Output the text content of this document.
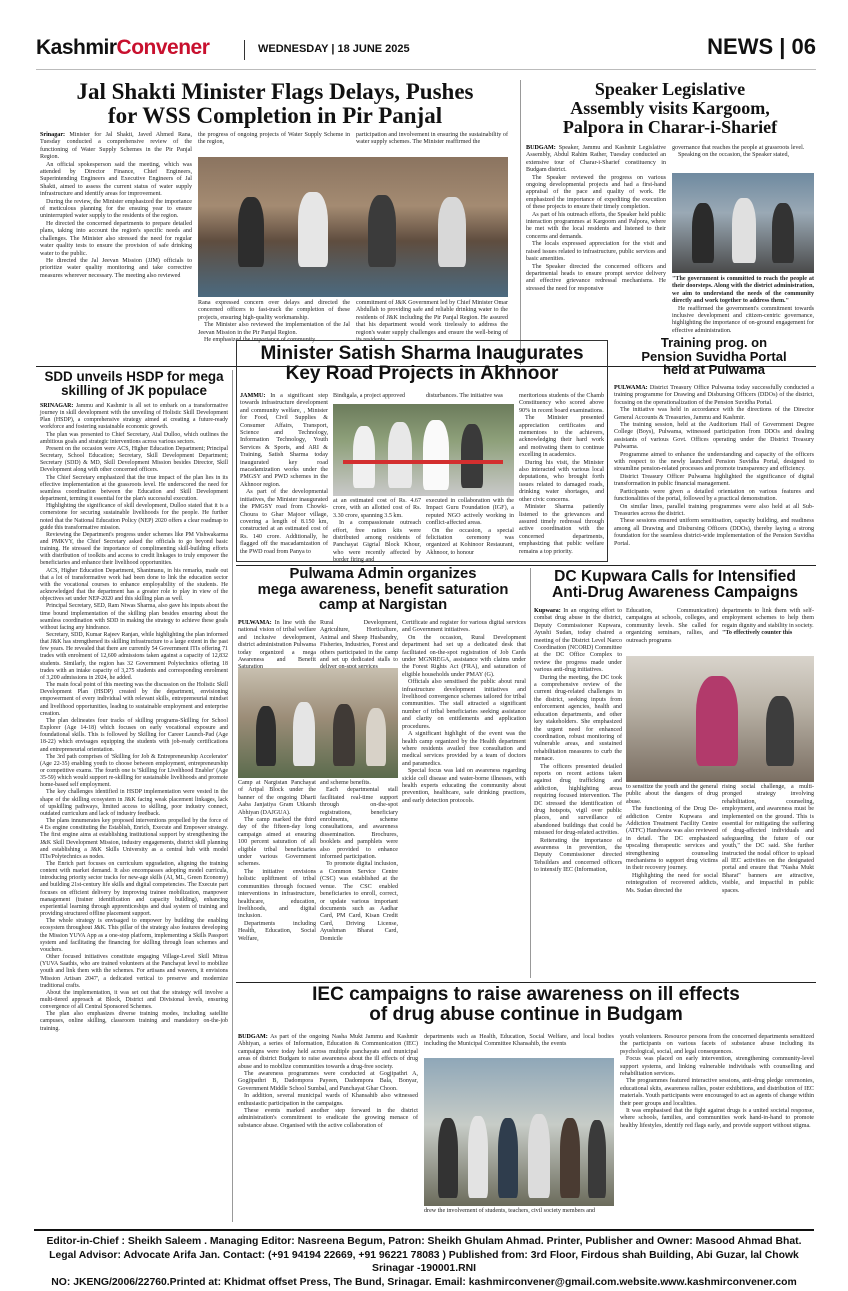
KashmirConvener	WEDNESDAY | 18 JUNE 2025	NEWS | 06
Jal Shakti Minister Flags Delays, Pushes
for WSS Completion in Pir Panjal

Srinagar: Minister for Jal Shakti, Javed Ahmed Rana, Tuesday conducted a comprehensive review of the functioning of Water Supply Schemes in the Pir Panjal Region.

An official spokesperson said the meeting, which was attended by Director Finance, Chief Engineers, Superintending Engineers and Executive Engineers of Jal Shakti, aimed to assess the current status of water supply infrastructure and identify areas for improvement.

During the review, the Minister emphasized the importance of meticulous planning for the ensuing year to ensure uninterrupted water supply to the residents of the region.

He directed the concerned departments to prepare detailed plans, taking into account the region's specific needs and challenges. The Minister also stressed the need for regular water quality tests to ensure the provision of safe drinking water to the public.

He directed the Jal Jeevan Mission (JJM) officials to prioritize water quality monitoring and take corrective measures wherever necessary. The meeting also reviewed

the progress of ongoing projects of Water Supply Scheme in the region,

participation and involvement in ensuring the sustainability of water supply schemes. The Minister reaffirmed the

Rana expressed concern over delays and directed the concerned officers to fast-track the completion of these projects, ensuring high-quality workmanship.

The Minister also reviewed the implementation of the Jal Jeevan Mission in the Pir Panjal Region.

He emphasized the importance of community

commitment of J&K Government led by Chief Minister Omar Abdullah to providing safe and reliable drinking water to the residents of J&K including the Pir Panjal Region. He assured that his department would work tirelessly to address the region's water supply challenges and ensure the well-being of its residents.

Speaker Legislative
Assembly visits Kargoom,
Palpora in Charar-i-Sharief

BUDGAM: Speaker, Jammu and Kashmir Legislative Assembly, Abdul Rahim Rather, Tuesday conducted an extensive tour of Charar-i-Sharief constituency in Budgam district.

The Speaker reviewed the progress on various ongoing developmental projects and had a first-hand appraisal of the pace and quality of work. He emphasized the importance of expediting the execution of these projects to ensure their timely completion.

As part of his outreach efforts, the Speaker held public interaction programmes at Kargoom and Palpora, where he met with the local residents and listened to their concerns and demands.

The locals expressed appreciation for the visit and raised issues related to infrastructure, public services and basic amenities.

The Speaker directed the concerned officers and departmental heads to ensure prompt service delivery and effective grievance redressal mechanisms. He stressed the need for responsive

governance that reaches the people at grassroots level.

Speaking on the occasion, the Speaker stated,

"The government is committed to reach the people at their doorsteps. Along with the district administration, we aim to understand the needs of the community directly and work together to address them."

He reaffirmed the government's commitment towards inclusive development and citizen-centric governance, highlighting the importance of on-ground engagement for effective administration.

SDD unveils HSDP for mega
skilling of JK populace

SRINAGAR: Jammu and Kashmir is all set to embark on a transformative journey in skill development with the unveiling of Holistic Skill Development Plan (HSDP), a comprehensive strategy aimed at creating a future-ready workforce and fostering sustainable economic growth.

The plan was presented to Chief Secretary, Atal Dulloo, which outlines the ambitious goals and strategic interventions across various sectors.

Present on the occasion were ACS, Higher Education Department; Principal Secretary, School Education; Secretary, Skill Development Department; Secretary (SDD) & MD, Skill Development Mission besides Director, Skill Development along with other concerned officers.

The Chief Secretary emphasized that the true impact of the plan lies in its effective implementation at the grassroots level. He underscored the need for seamless coordination between the Education and Skill Development department, terming it essential for the plan's successful execution.

Highlighting the significance of skill development, Dulloo stated that it is a cornerstone for securing sustainable livelihoods for the people. He further noted that the National Education Policy (NEP) 2020 offers a clear roadmap to guide this transformative mission.

Reviewing the Department's progress under schemes like PM Vishwakarma and PMKVY, the Chief Secretary asked the officials to go beyond basic training. He stressed the importance of complimenting skill-building efforts with distribution of toolkits and access to credit linkages to truly empower the beneficiaries and enhance their livelihood opportunities.

ACS, Higher Education Department, Shantmanu, in his remarks, made out that a lot of transformative work had been done to link the education sector with the vocational courses to enhance employability of the students. He acknowledged that the department has a greater role to play in view of the objectives set under NEP-2020 and this skilling plan as well.

Principal Secretary, SED, Ram Niwas Sharma, also gave his inputs about the time bound implementation of the skilling plan besides ensuring about the seamless coordination with SDD in making the strategy to achieve these goals without facing any hindrance.

Secretary, SDD, Kumar Rajeev Ranjan, while highlighting the plan informed that J&K has strengthened its skilling infrastructure to a large extent in the past few years. He revealed that there are currently 54 Government ITIs offering 71 trades with enrolment of 12,600 admissions taken against a capacity of 12,832 students. Similarly, the region has 32 Government Polytechnics offering 18 trades with an intake capacity of 3,275 students and corresponding enrolment of 3,200 admissions in 2024, he added.

The main focal point of this meeting was the discussion on the Holistic Skill Development Plan (HSDP) created by the department, envisioning empowerment of every individual with relevant skills, entrepreneurial mindset and livelihood opportunities, leading to sustainable employment and enterprise creation.

The plan delineates four tracks of skilling programs-Skilling for School Explorer (Age 14-18) which focuses on early vocational exposure and foundational skills. This is followed by Skilling for Career Launch-Pad (Age 18-22) which envisages equipping the students with job-ready certifications and entrepreneurial orientation.

The 3rd path comprises of 'Skilling for Job & Entrepreneurship Accelerator' (Age 22-35) enabling youth to choose between employment, entrepreneurship or competitive exams. The fourth one is 'Skilling for Livelihood Enabler' (Age 35-59) which would support re-skilling for sustainable livelihoods and promote home-based self employment.

The key challenges identified in HSDP implementation were vested in the shape of the skilling ecosystem in J&K facing weak placement linkages, lack of upskilling pathways, limited access to skilling, poor industry connect, outdated curriculum and lack of industry feedback.

The plans innumerates key proposed interventions propelled by the force of 4 Es engine constituting the Establish, Enrich, Execute and Empower strategy. The first engine aims at establishing institutional support by strengthening the J&K Skill Development Mission, industry engagements, district skill planning and establishing a J&K Skills University as a central hub with model ITIs/Polytechnics as nodes.

The Enrich part focuses on curriculum upgradation, aligning the training content with market demand. It also encompasses adopting model curricula, introducing priority sector tracks for new-age skills (AI, ML, Green Economy) and building 21st-century life skills and digital competencies. The Execute part focuses on efficient delivery by improving trainee mobilization, manpower management (trainer identification and capacity building), enhancing experiential learning through apprenticeships and dual system of training and providing structured offline placement support.

The whole strategy is envisaged to empower by building the enabling ecosystem throughout J&K. This pillar of the strategy also features developing the Mission YUVA App as a one-stop platform, implementing a Skills Passport system and facilitating the financing for skilling through loan schemes and vouchers.

Other focused initiatives constitute engaging Village-Level Skill Mitras (YUVA Saathis, who are trained volunteers at the Panchayat level to mobilize youth and link them with the schemes. For artisans and weavers, it envisions 'Mission Artisan 2047', a dedicated vertical to preserve and modernize traditional crafts.

About the implementation, it was set out that the strategy will involve a multi-tiered approach at Block, District and Divisional levels, ensuring convergence of all Central Sponsored Schemes.

The plan also emphasizes diverse training modes, including satellite campuses, online skilling, classroom training and mandatory on-the-job training.

Minister Satish Sharma Inaugurates
Key Road Projects in Akhnoor

JAMMU: In a significant step towards infrastructure development and community welfare, , Minister for Food, Civil Supplies & Consumer Affairs, Transport, Science and Technology, Information Technology, Youth Services & Sports, and ARI & Training, Satish Sharma today inaugurated key road macadamization works under the PMGSY and PWD schemes in the Akhnoor region.

As part of the developmental initiatives, the Minister inaugurated the PMGSY road from Chowki-Choura to Ghar Majoor village, covering a length of 8.150 km, constructed at an estimated cost of Rs. 140 crore. Additionally, he flagged off the macadamization of the PWD road from Panya to

Bindigala, a project approved	disturbances. The initiative was

at an estimated cost of Rs. 4.67 crore, with an allotted cost of Rs. 3.30 crore, spanning 3.5 km.

In a compassionate outreach effort, free ration kits were distributed among residents of Panchayat Gigrial Block Khour, who were recently affected by border firing and

executed in collaboration with the Impact Guru Foundation (IGF), a reputed NGO actively working in conflict-affected areas.

On the occasion, a special felicitation ceremony was organized at Kohinoor Restaurant, Akhnoor, to honour

meritorious students of the Chamb Constituency who scored above 90% in recent board examinations.

The Minister presented appreciation certificates and mementoes to the achievers, acknowledging their hard work and motivating them to continue excelling in academics.

During his visit, the Minister also interacted with various local deputations, who brought forth issues related to damaged roads, drinking water shortages, and other civic concerns.

Minister Sharma patiently listened to the grievances and assured timely redressal through active coordination with the concerned departments, emphasizing that public welfare remains a top priority.

Training prog. on
Pension Suvidha Portal
held at Pulwama

PULWAMA: District Treasury Office Pulwama today successfully conducted a training programme for Drawing and Disbursing Officers (DDOs) of the district, focusing on the operationalization of the Pension Suvidha Portal.

The initiative was held in accordance with the directions of the Director General Accounts & Treasuries, Jammu and Kashmir.

The training session, held at the Auditorium Hall of Government Degree College (Boys), Pulwama, witnessed participation from DDOs and dealing assistants of various Govt. Offices operating under the District Treasury Pulwama.

Programme aimed to enhance the understanding and capacity of the officers with respect to the newly launched Pension Suvidha Portal, designed to streamline pension-related processes and promote transparency and efficiency.

District Treasury Officer Pulwama highlighted the significance of digital transformation in public financial management.

Participants were given a detailed orientation on various features and functionalities of the portal, followed by a practical demonstration.

On similar lines, parallel training programmes were also held at all Sub-Treasuries across the district.

These sessions ensured uniform sensitisation, capacity building, and readiness among all Drawing and Disbursing Officers (DDOs), thereby laying a strong foundation for the seamless district-wide implementation of the Pension Suvidha Portal.

Pulwama Admin organizes
mega awareness, benefit saturation
camp at Nargistan

PULWAMA: In line with the national vision of tribal welfare and inclusive development, district administration Pulwama today organized a mega Awareness and Benefit

Rural Development, Agriculture, Horticulture, Animal and Sheep Husbandry, Fisheries, Industries, Forest and others participated in the camp and set up dedicated stalls to

Camp at Nargistan Panchayat of Aripal Block under the banner of the ongoing Dharti Aaba Janjatiya Gram Utkarsh Abhiyan (DAJGUA).

The camp marked the third day of the fifteen-day long campaign aimed at ensuring 100 percent saturation of all eligible tribal beneficiaries under various Government schemes.

The initiative envisions holistic upliftment of tribal communities through focused interventions in infrastructure, healthcare, education, livelihoods, and digital inclusion.

Departments including Health, Education, Social Welfare,

and scheme benefits.

Each departmental stall facilitated real-time support through on-the-spot registrations, beneficiary enrolments, scheme consultations, and awareness dissemination. Brochures, booklets and pamphlets were also provided to enhance informed participation.

To promote digital inclusion, a Common Service Centre (CSC) was established at the venue. The CSC enabled beneficiaries to enroll, correct, or update various important documents such as Aadhar Card, PM Card, Kisan Credit Card, Driving License, Ayushman Bharat Card, Domicile

Certificate and register for various digital services and Government initiatives.

On the occasion, Rural Development department had set up a dedicated desk that facilitated on-the-spot registration of Job Cards under MGNREGA, assistance with claims under the Forest Rights Act (FRA), and saturation of eligible households under PMAY (G).

Officials also sensitised the public about rural infrastructure development initiatives and livelihood convergence schemes tailored for tribal communities. The stall attracted a significant number of tribal beneficiaries seeking assistance and clarity on entitlements and application procedures.

A significant highlight of the event was the health camp organized by the Health department where residents availed free consultation and medical services provided by a team of doctors and paramedics.

Special focus was laid on awareness regarding sickle cell disease and water-borne illnesses, with health experts educating the community about prevention, healthcare, safe drinking practices, and early detection protocols.

DC Kupwara Calls for Intensified
Anti-Drug Awareness Campaigns

Kupwara: In an ongoing effort to combat drug abuse in the district, Deputy Commissioner Kupwara, Ayushi Sudan, today chaired a meeting of the District Level Narco Coordination (NCORD) Committee at the DC Office Complex to review the progress made under various anti-drug initiatives.

During the meeting, the DC took a comprehensive review of the current drug-related challenges in the district, seeking inputs from enforcement agencies, health and education departments, and other key stakeholders. She emphasized the urgent need for enhanced coordination, robust monitoring of vulnerable areas, and sustained rehabilitation measures to curb the menace.

The officers presented detailed reports on recent actions taken against drug trafficking and addiction, highlighting areas requiring focused intervention. The DC stressed the identification of drug hotspots, vigil over public places, and surveillance of abandoned buildings that could be misused for drug-related activities.

Reiterating the importance of awareness in prevention, the Deputy Commissioner directed Tehsildars and concerned officers to intensify IEC (Information,

Education, Communication) campaigns at schools, colleges, and community levels. She called for organizing seminars, rallies, and outreach programs

departments to link them with self-employment schemes to help them regain dignity and stability in society.

"To effectively counter this

to sensitize the youth and the general public about the dangers of drug abuse.

The functioning of the Drug De-addiction Centre Kupwara and Addiction Treatment Facility Centre (ATFC) Handwara was also reviewed in detail. The DC emphasized upscaling therapeutic services and strengthening counseling mechanisms to support drug victims in their recovery journey.

Highlighting the need for social reintegration of recovered addicts, Ms. Sudan directed the

rising social challenge, a multi-pronged strategy involving rehabilitation, counseling, employment, and awareness must be implemented on the ground. This is essential for mitigating the suffering of drug-affected individuals and safeguarding the future of our youth," the DC said. She further instructed the nodal officer to upload all IEC activities on the designated portal and ensure that "Nasha Mukt Bharat" banners are attractive, visible, and impactful in public spaces.

IEC campaigns to raise awareness on ill effects
of drug abuse continue in Budgam

BUDGAM: As part of the ongoing Nasha Mukt Jammu and Kashmir Abhiyan, a series of Information, Education & Communication (IEC) campaigns were today held across multiple panchayats and municipal areas of district Budgam to raise awareness about the ill effects of drug abuse and to mobilize communities towards a drug-free society.

The awareness programmes were conducted at Gogjipathri A, Gogjipathri B, Dadompora Payeen, Dadompora Bala, Bonyar, Government Middle School Sumbal, and Panchayat Ghar Choon.

In addition, several municipal wards of Khansahib also witnessed enthusiastic participation in the campaigns.

These events marked another step forward in the district administration's commitment to eradicate the growing menace of substance abuse. Organised with the active collaboration of

departments such as Health, Education, Social Welfare, and local bodies including the Municipal Committee Khansahib, the events

drew the involvement of students, teachers, civil society members and

youth volunteers. Resource persons from the concerned departments sensitized the participants on various facets of substance abuse including its psychological, social, and legal consequences.

Focus was placed on early intervention, strengthening community-level support systems, and linking vulnerable individuals with counselling and rehabilitation services.

The programmes featured interactive sessions, anti-drug pledge ceremonies, educational skits, awareness rallies, poster exhibitions, and distribution of IEC materials. Youth participants were encouraged to act as agents of change within their peer groups and localities.

It was emphasised that the fight against drugs is a united societal response, where schools, families, and communities work hand-in-hand to promote healthy lifestyles, identify red flags early, and provide support without stigma.

Editor-in-Chief : Sheikh Saleem . Managing Editor: Nasreena Begum, Patron: Sheikh Ghulam Ahmad. Printer, Publisher and Owner: Masood Ahmad Bhat.
Legal Advisor: Advocate Arifa Jan. Contact: (+91 94194 22669, +91 96221 78083 ) Published from: 3rd Floor, Firdous shah Building, Abi Guzar, lal Chowk Srinagar -190001.RNI
NO: JKENG/2006/22760.Printed at: Khidmat offset Press, The Bund, Srinagar. Email: kashmirconvener@gmail.com.website.www.kashmirconvener.com
